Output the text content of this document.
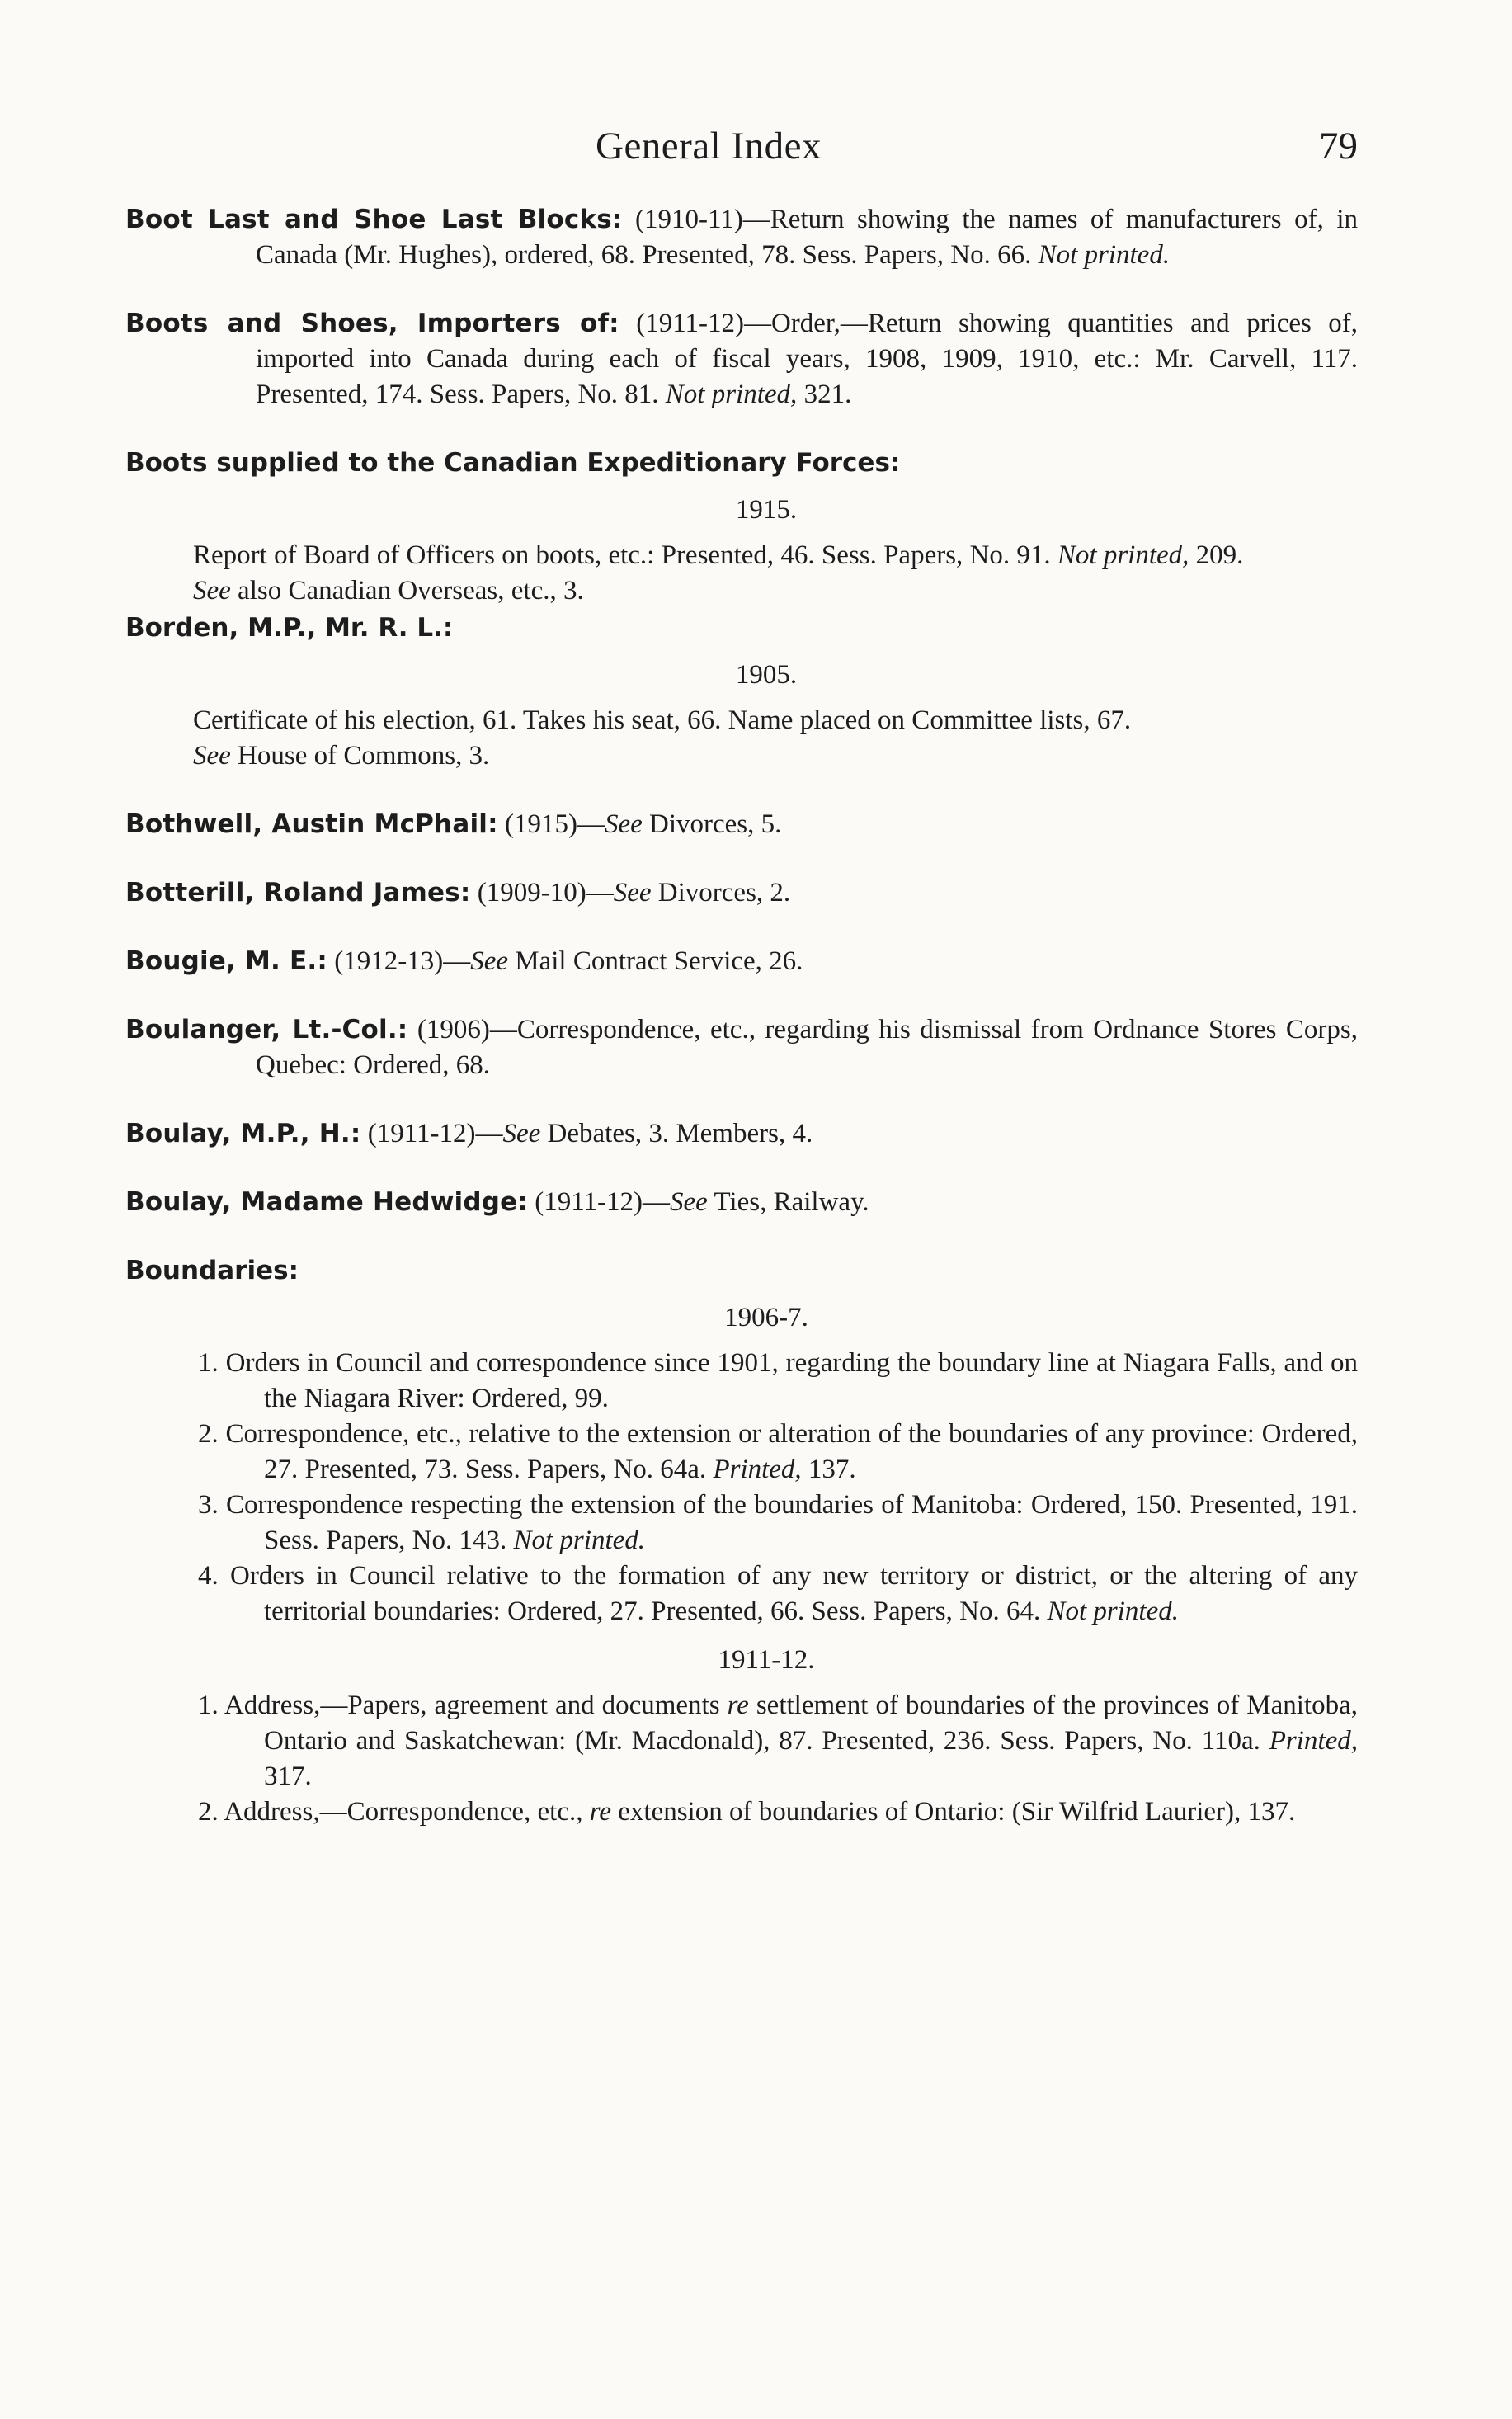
General Index	79
Boot Last and Shoe Last Blocks: (1910-11)—Return showing the names of manufacturers of, in Canada (Mr. Hughes), ordered, 68. Presented, 78. Sess. Papers, No. 66. Not printed.
Boots and Shoes, Importers of: (1911-12)—Order,—Return showing quantities and prices of, imported into Canada during each of fiscal years, 1908, 1909, 1910, etc.: Mr. Carvell, 117. Presented, 174. Sess. Papers, No. 81. Not printed, 321.
Boots supplied to the Canadian Expeditionary Forces:
1915.
Report of Board of Officers on boots, etc.: Presented, 46. Sess. Papers, No. 91. Not printed, 209.
See also Canadian Overseas, etc., 3.
Borden, M.P., Mr. R. L.:
1905.
Certificate of his election, 61. Takes his seat, 66. Name placed on Committee lists, 67.
See House of Commons, 3.
Bothwell, Austin McPhail: (1915)—See Divorces, 5.
Botterill, Roland James: (1909-10)—See Divorces, 2.
Bougie, M. E.: (1912-13)—See Mail Contract Service, 26.
Boulanger, Lt.-Col.: (1906)—Correspondence, etc., regarding his dismissal from Ordnance Stores Corps, Quebec: Ordered, 68.
Boulay, M.P., H.: (1911-12)—See Debates, 3. Members, 4.
Boulay, Madame Hedwidge: (1911-12)—See Ties, Railway.
Boundaries:
1906-7.
1. Orders in Council and correspondence since 1901, regarding the boundary line at Niagara Falls, and on the Niagara River: Ordered, 99.
2. Correspondence, etc., relative to the extension or alteration of the boundaries of any province: Ordered, 27. Presented, 73. Sess. Papers, No. 64a. Printed, 137.
3. Correspondence respecting the extension of the boundaries of Manitoba: Ordered, 150. Presented, 191. Sess. Papers, No. 143. Not printed.
4. Orders in Council relative to the formation of any new territory or district, or the altering of any territorial boundaries: Ordered, 27. Presented, 66. Sess. Papers, No. 64. Not printed.
1911-12.
1. Address,—Papers, agreement and documents re settlement of boundaries of the provinces of Manitoba, Ontario and Saskatchewan: (Mr. Macdonald), 87. Presented, 236. Sess. Papers, No. 110a. Printed, 317.
2. Address,—Correspondence, etc., re extension of boundaries of Ontario: (Sir Wilfrid Laurier), 137.
